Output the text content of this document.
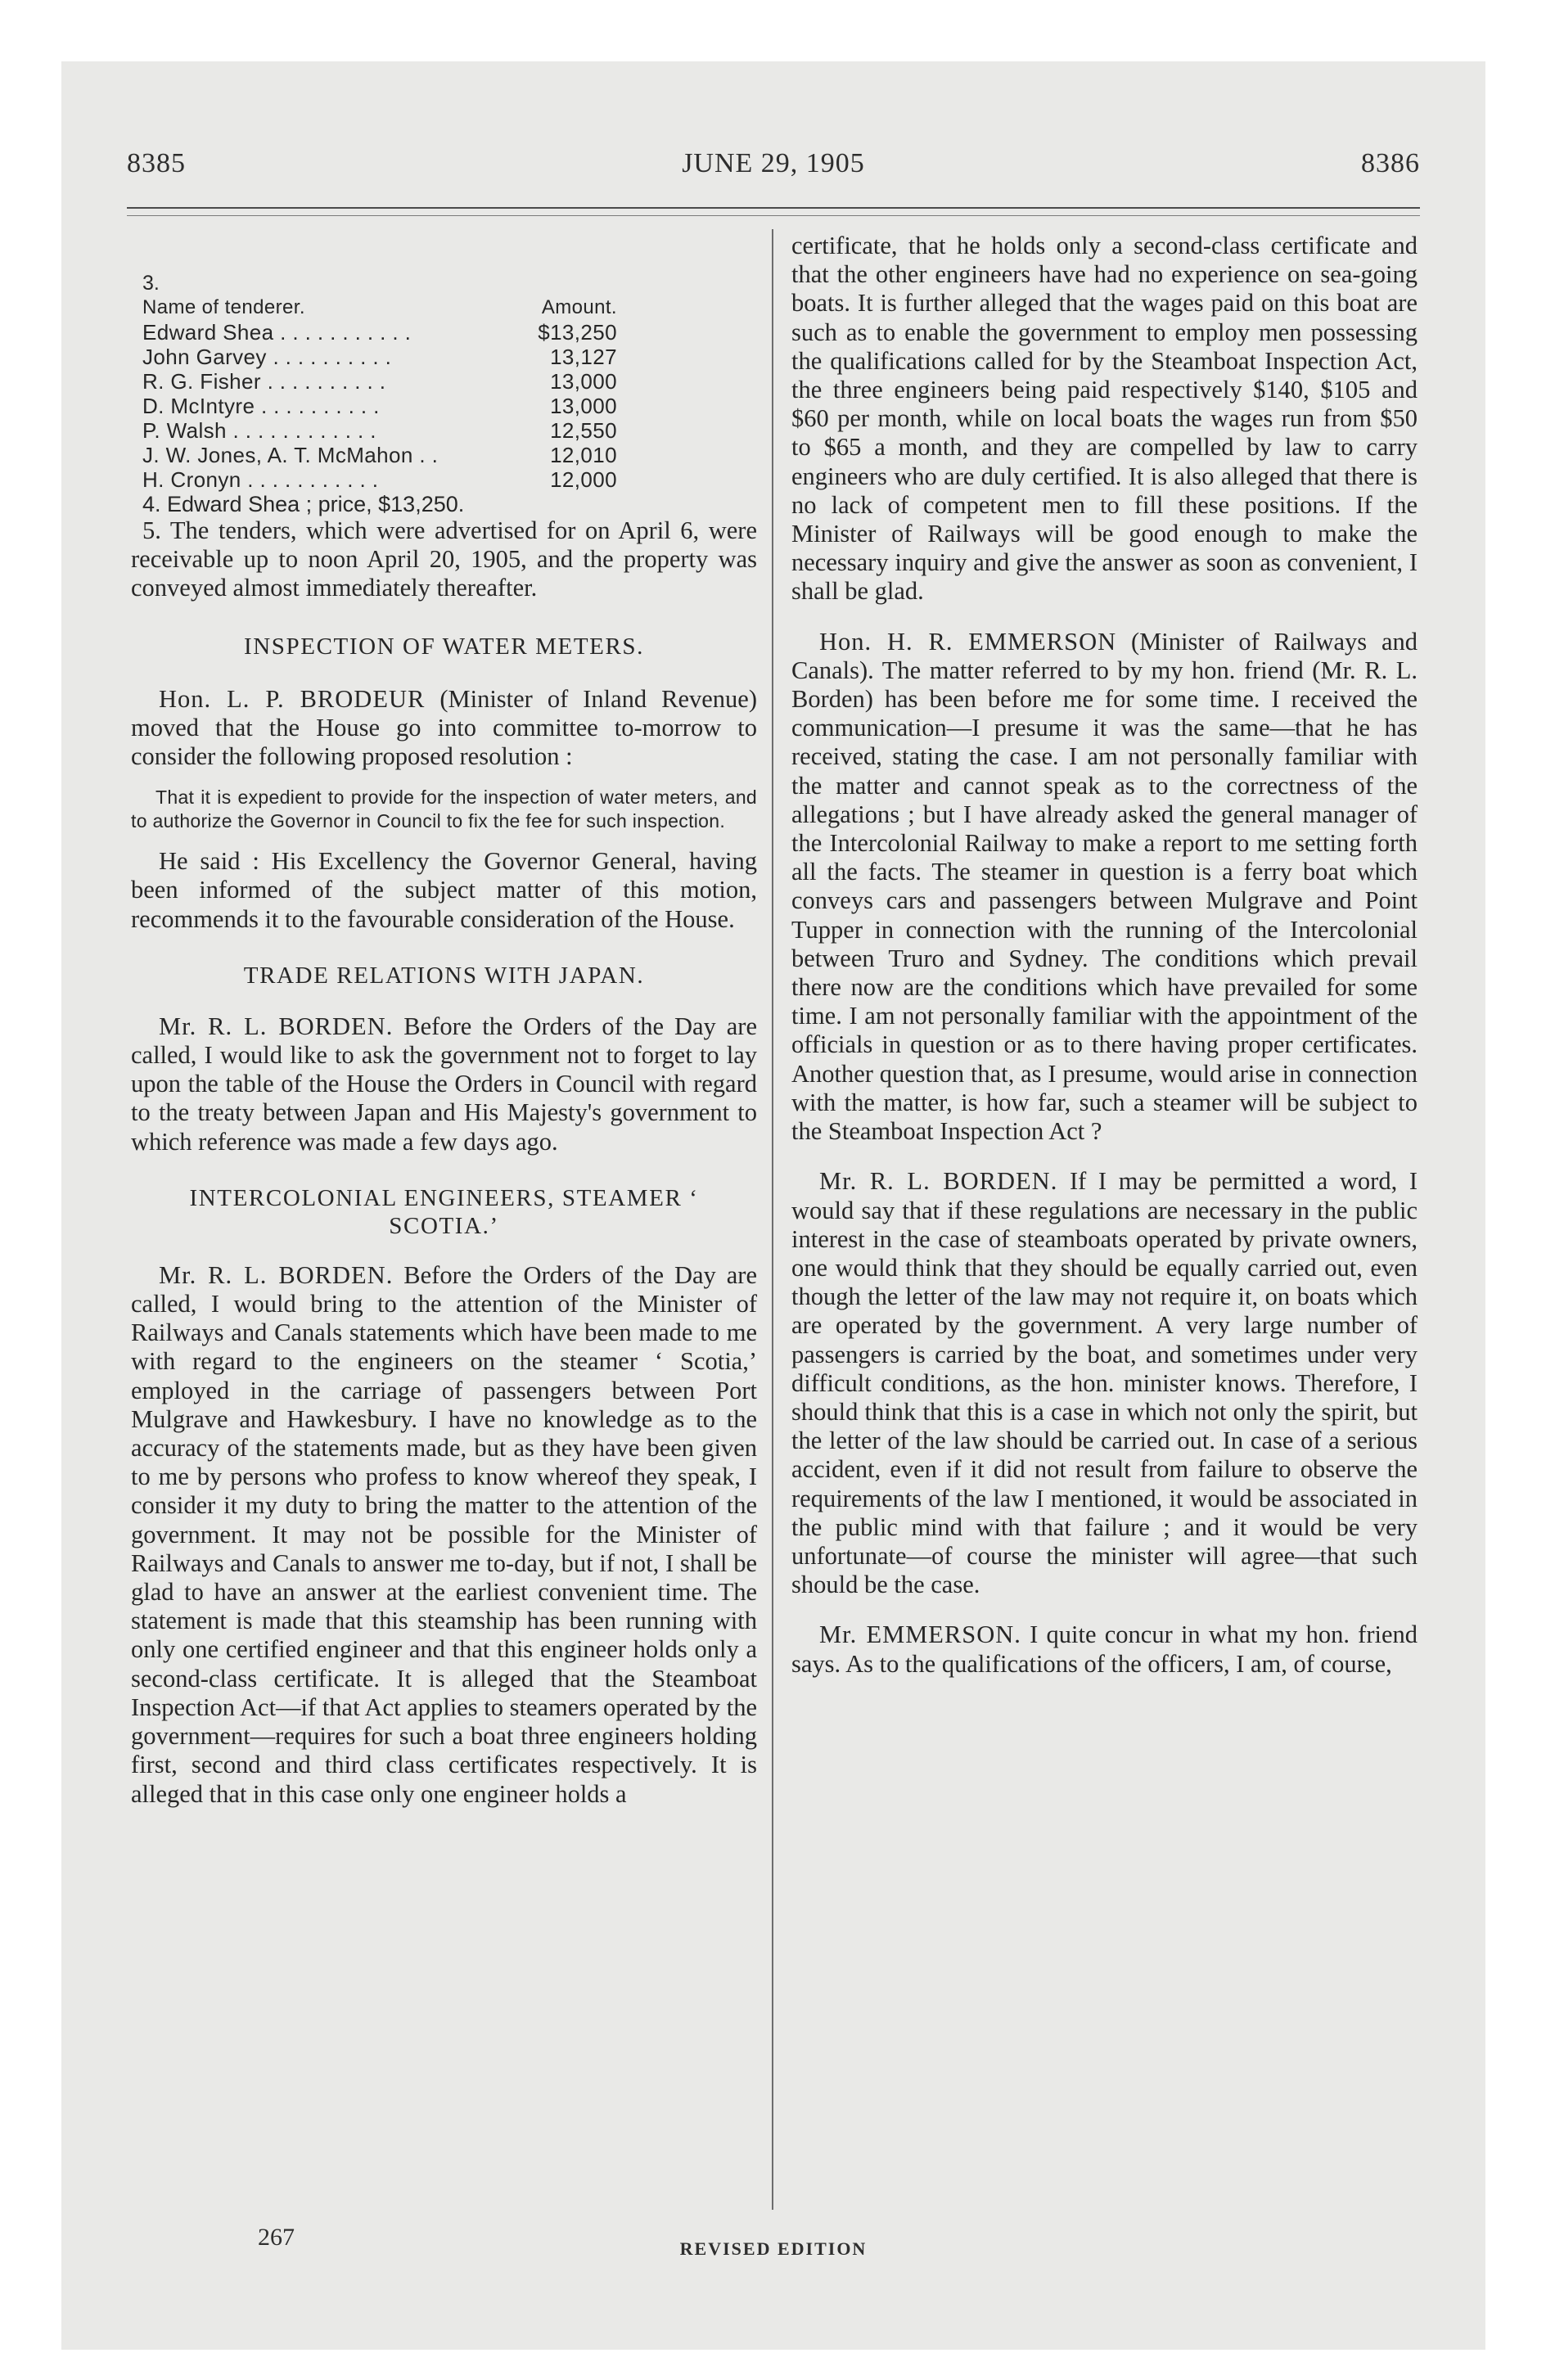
8385	JUNE 29, 1905	8386
3.
Name of tenderer.	Amount.
Edward Shea . . . . . . . . . . .	$13,250
John Garvey . . . . . . . . . .	13,127
R. G. Fisher . . . . . . . . . .	13,000
D. McIntyre . . . . . . . . . .	13,000
P. Walsh . . . . . . . . . . . .	12,550
J. W. Jones, A. T. McMahon . .	12,010
H. Cronyn . . . . . . . . . . .	12,000

4. Edward Shea ; price, $13,250.

5. The tenders, which were advertised for on April 6, were receivable up to noon April 20, 1905, and the property was conveyed almost immediately thereafter.

INSPECTION OF WATER METERS.

Hon. L. P. BRODEUR (Minister of Inland Revenue) moved that the House go into committee to-morrow to consider the following proposed resolution :

That it is expedient to provide for the inspection of water meters, and to authorize the Governor in Council to fix the fee for such inspection.

He said : His Excellency the Governor General, having been informed of the subject matter of this motion, recommends it to the favourable consideration of the House.

TRADE RELATIONS WITH JAPAN.

Mr. R. L. BORDEN. Before the Orders of the Day are called, I would like to ask the government not to forget to lay upon the table of the House the Orders in Council with regard to the treaty between Japan and His Majesty's government to which reference was made a few days ago.

INTERCOLONIAL ENGINEERS, STEAMER ‘ SCOTIA.’

Mr. R. L. BORDEN. Before the Orders of the Day are called, I would bring to the attention of the Minister of Railways and Canals statements which have been made to me with regard to the engineers on the steamer ‘ Scotia,’ employed in the carriage of passengers between Port Mulgrave and Hawkesbury. I have no knowledge as to the accuracy of the statements made, but as they have been given to me by persons who profess to know whereof they speak, I consider it my duty to bring the matter to the attention of the government. It may not be possible for the Minister of Railways and Canals to answer me to-day, but if not, I shall be glad to have an answer at the earliest convenient time. The statement is made that this steamship has been running with only one certified engineer and that this engineer holds only a second-class certificate. It is alleged that the Steamboat Inspection Act—if that Act applies to steamers operated by the government—requires for such a boat three engineers holding first, second and third class certificates respectively. It is alleged that in this case only one engineer holds a

certificate, that he holds only a second-class certificate and that the other engineers have had no experience on sea-going boats. It is further alleged that the wages paid on this boat are such as to enable the government to employ men possessing the qualifications called for by the Steamboat Inspection Act, the three engineers being paid respectively $140, $105 and $60 per month, while on local boats the wages run from $50 to $65 a month, and they are compelled by law to carry engineers who are duly certified. It is also alleged that there is no lack of competent men to fill these positions. If the Minister of Railways will be good enough to make the necessary inquiry and give the answer as soon as convenient, I shall be glad.

Hon. H. R. EMMERSON (Minister of Railways and Canals). The matter referred to by my hon. friend (Mr. R. L. Borden) has been before me for some time. I received the communication—I presume it was the same—that he has received, stating the case. I am not personally familiar with the matter and cannot speak as to the correctness of the allegations ; but I have already asked the general manager of the Intercolonial Railway to make a report to me setting forth all the facts. The steamer in question is a ferry boat which conveys cars and passengers between Mulgrave and Point Tupper in connection with the running of the Intercolonial between Truro and Sydney. The conditions which prevail there now are the conditions which have prevailed for some time. I am not personally familiar with the appointment of the officials in question or as to there having proper certificates. Another question that, as I presume, would arise in connection with the matter, is how far, such a steamer will be subject to the Steamboat Inspection Act ?

Mr. R. L. BORDEN. If I may be permitted a word, I would say that if these regulations are necessary in the public interest in the case of steamboats operated by private owners, one would think that they should be equally carried out, even though the letter of the law may not require it, on boats which are operated by the government. A very large number of passengers is carried by the boat, and sometimes under very difficult conditions, as the hon. minister knows. Therefore, I should think that this is a case in which not only the spirit, but the letter of the law should be carried out. In case of a serious accident, even if it did not result from failure to observe the requirements of the law I mentioned, it would be associated in the public mind with that failure ; and it would be very unfortunate—of course the minister will agree—that such should be the case.

Mr. EMMERSON. I quite concur in what my hon. friend says. As to the qualifications of the officers, I am, of course,

267	REVISED EDITION
